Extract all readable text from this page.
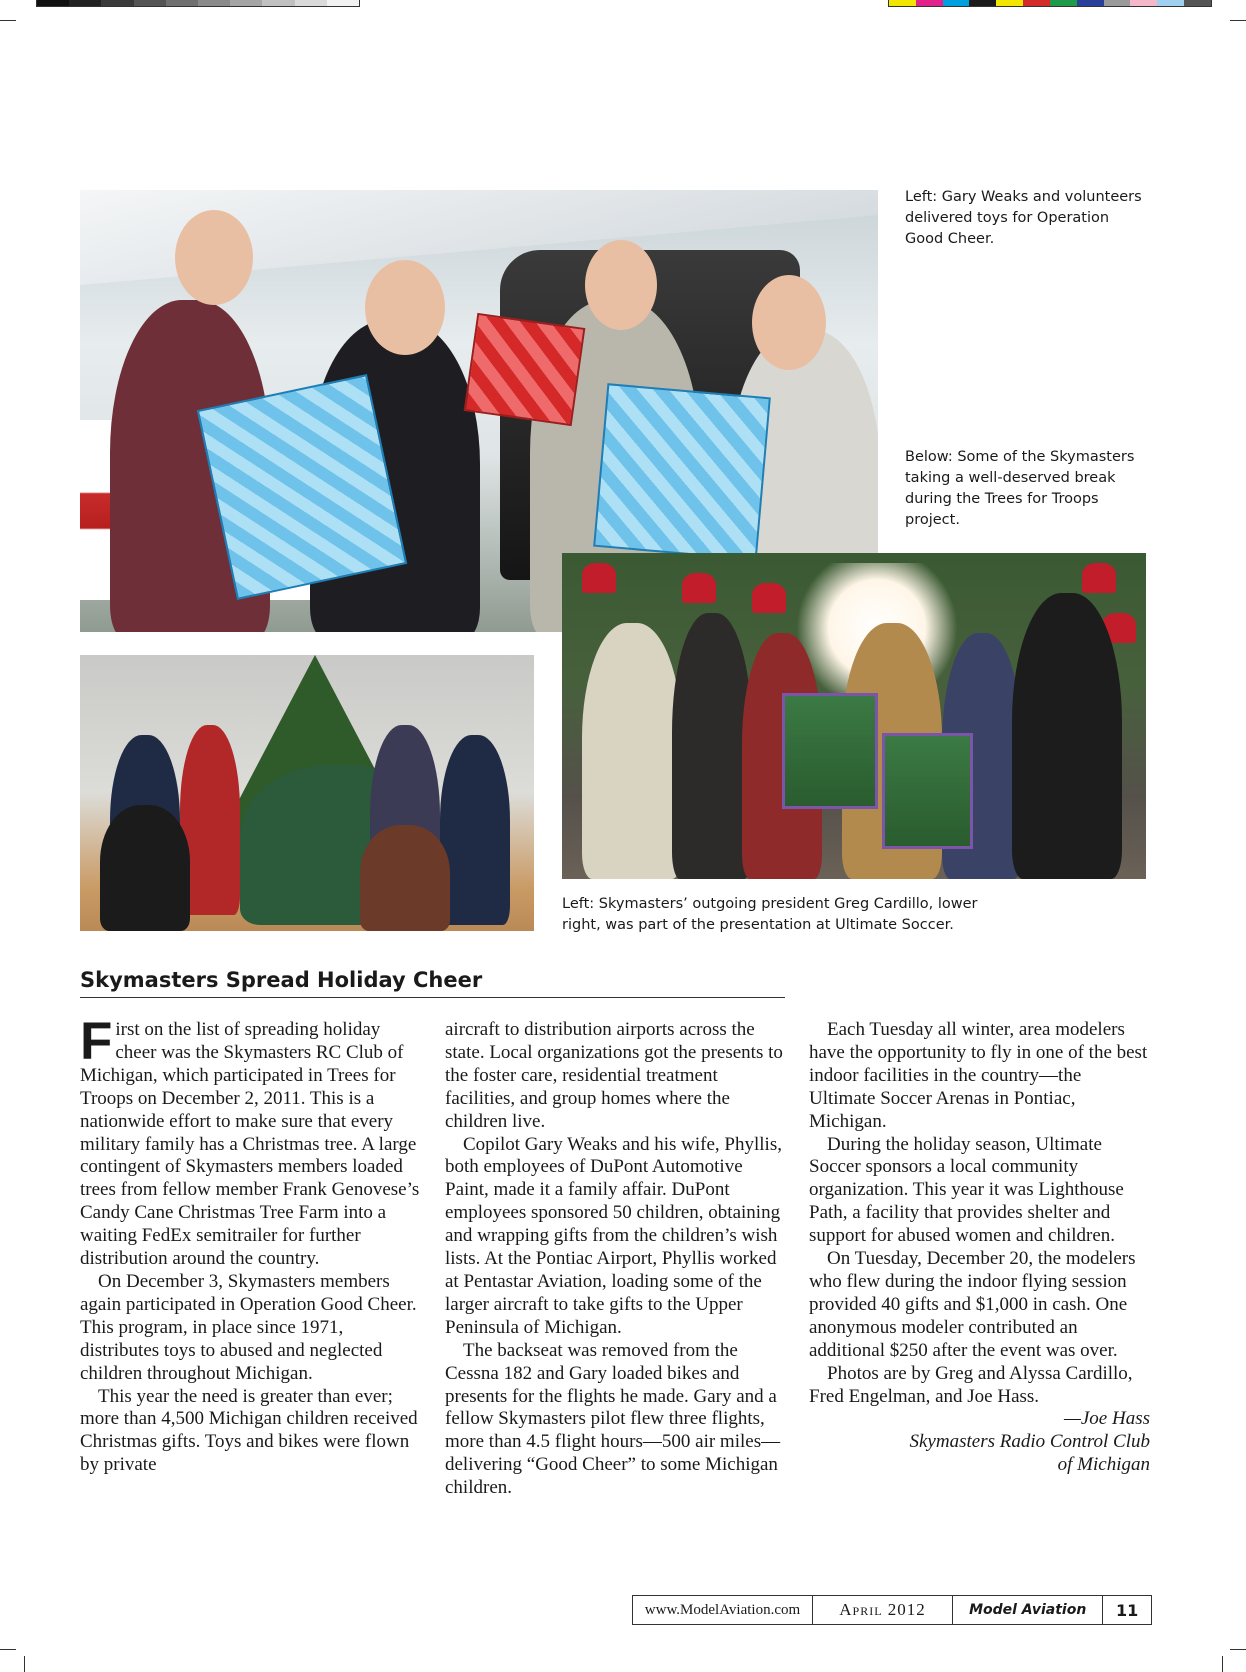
Left: Gary Weaks and volunteers delivered toys for Operation Good Cheer.
Below: Some of the Skymasters taking a well-deserved break during the Trees for Troops project.
Left: Skymasters’ outgoing president Greg Cardillo, lower right, was part of the presentation at Ultimate Soccer.
Skymasters Spread Holiday Cheer

First on the list of spreading holiday cheer was the Skymasters RC Club of Michigan, which participated in Trees for Troops on December 2, 2011. This is a nationwide effort to make sure that every military family has a Christmas tree. A large contingent of Skymasters members loaded trees from fellow member Frank Genovese’s Candy Cane Christmas Tree Farm into a waiting FedEx semitrailer for further distribution around the country.

On December 3, Skymasters members again participated in Operation Good Cheer. This program, in place since 1971, distributes toys to abused and neglected children throughout Michigan.

This year the need is greater than ever; more than 4,500 Michigan children received Christmas gifts. Toys and bikes were flown by private

aircraft to distribution airports across the state. Local organizations got the presents to the foster care, residential treatment facilities, and group homes where the children live.

Copilot Gary Weaks and his wife, Phyllis, both employees of DuPont Automotive Paint, made it a family affair. DuPont employees sponsored 50 children, obtaining and wrapping gifts from the children’s wish lists. At the Pontiac Airport, Phyllis worked at Pentastar Aviation, loading some of the larger aircraft to take gifts to the Upper Peninsula of Michigan.

The backseat was removed from the Cessna 182 and Gary loaded bikes and presents for the flights he made. Gary and a fellow Skymasters pilot flew three flights, more than 4.5 flight hours—500 air miles—delivering “Good Cheer” to some Michigan children.

Each Tuesday all winter, area modelers have the opportunity to fly in one of the best indoor facilities in the country—the Ultimate Soccer Arenas in Pontiac, Michigan.

During the holiday season, Ultimate Soccer sponsors a local community organization. This year it was Lighthouse Path, a facility that provides shelter and support for abused women and children.

On Tuesday, December 20, the modelers who flew during the indoor flying session provided 40 gifts and $1,000 in cash. One anonymous modeler contributed an additional $250 after the event was over.

Photos are by Greg and Alyssa Cardillo, Fred Engelman, and Joe Hass.

—Joe Hass
Skymasters Radio Control Club
of Michigan
www.ModelAviation.com	April 2012	Model Aviation	11
